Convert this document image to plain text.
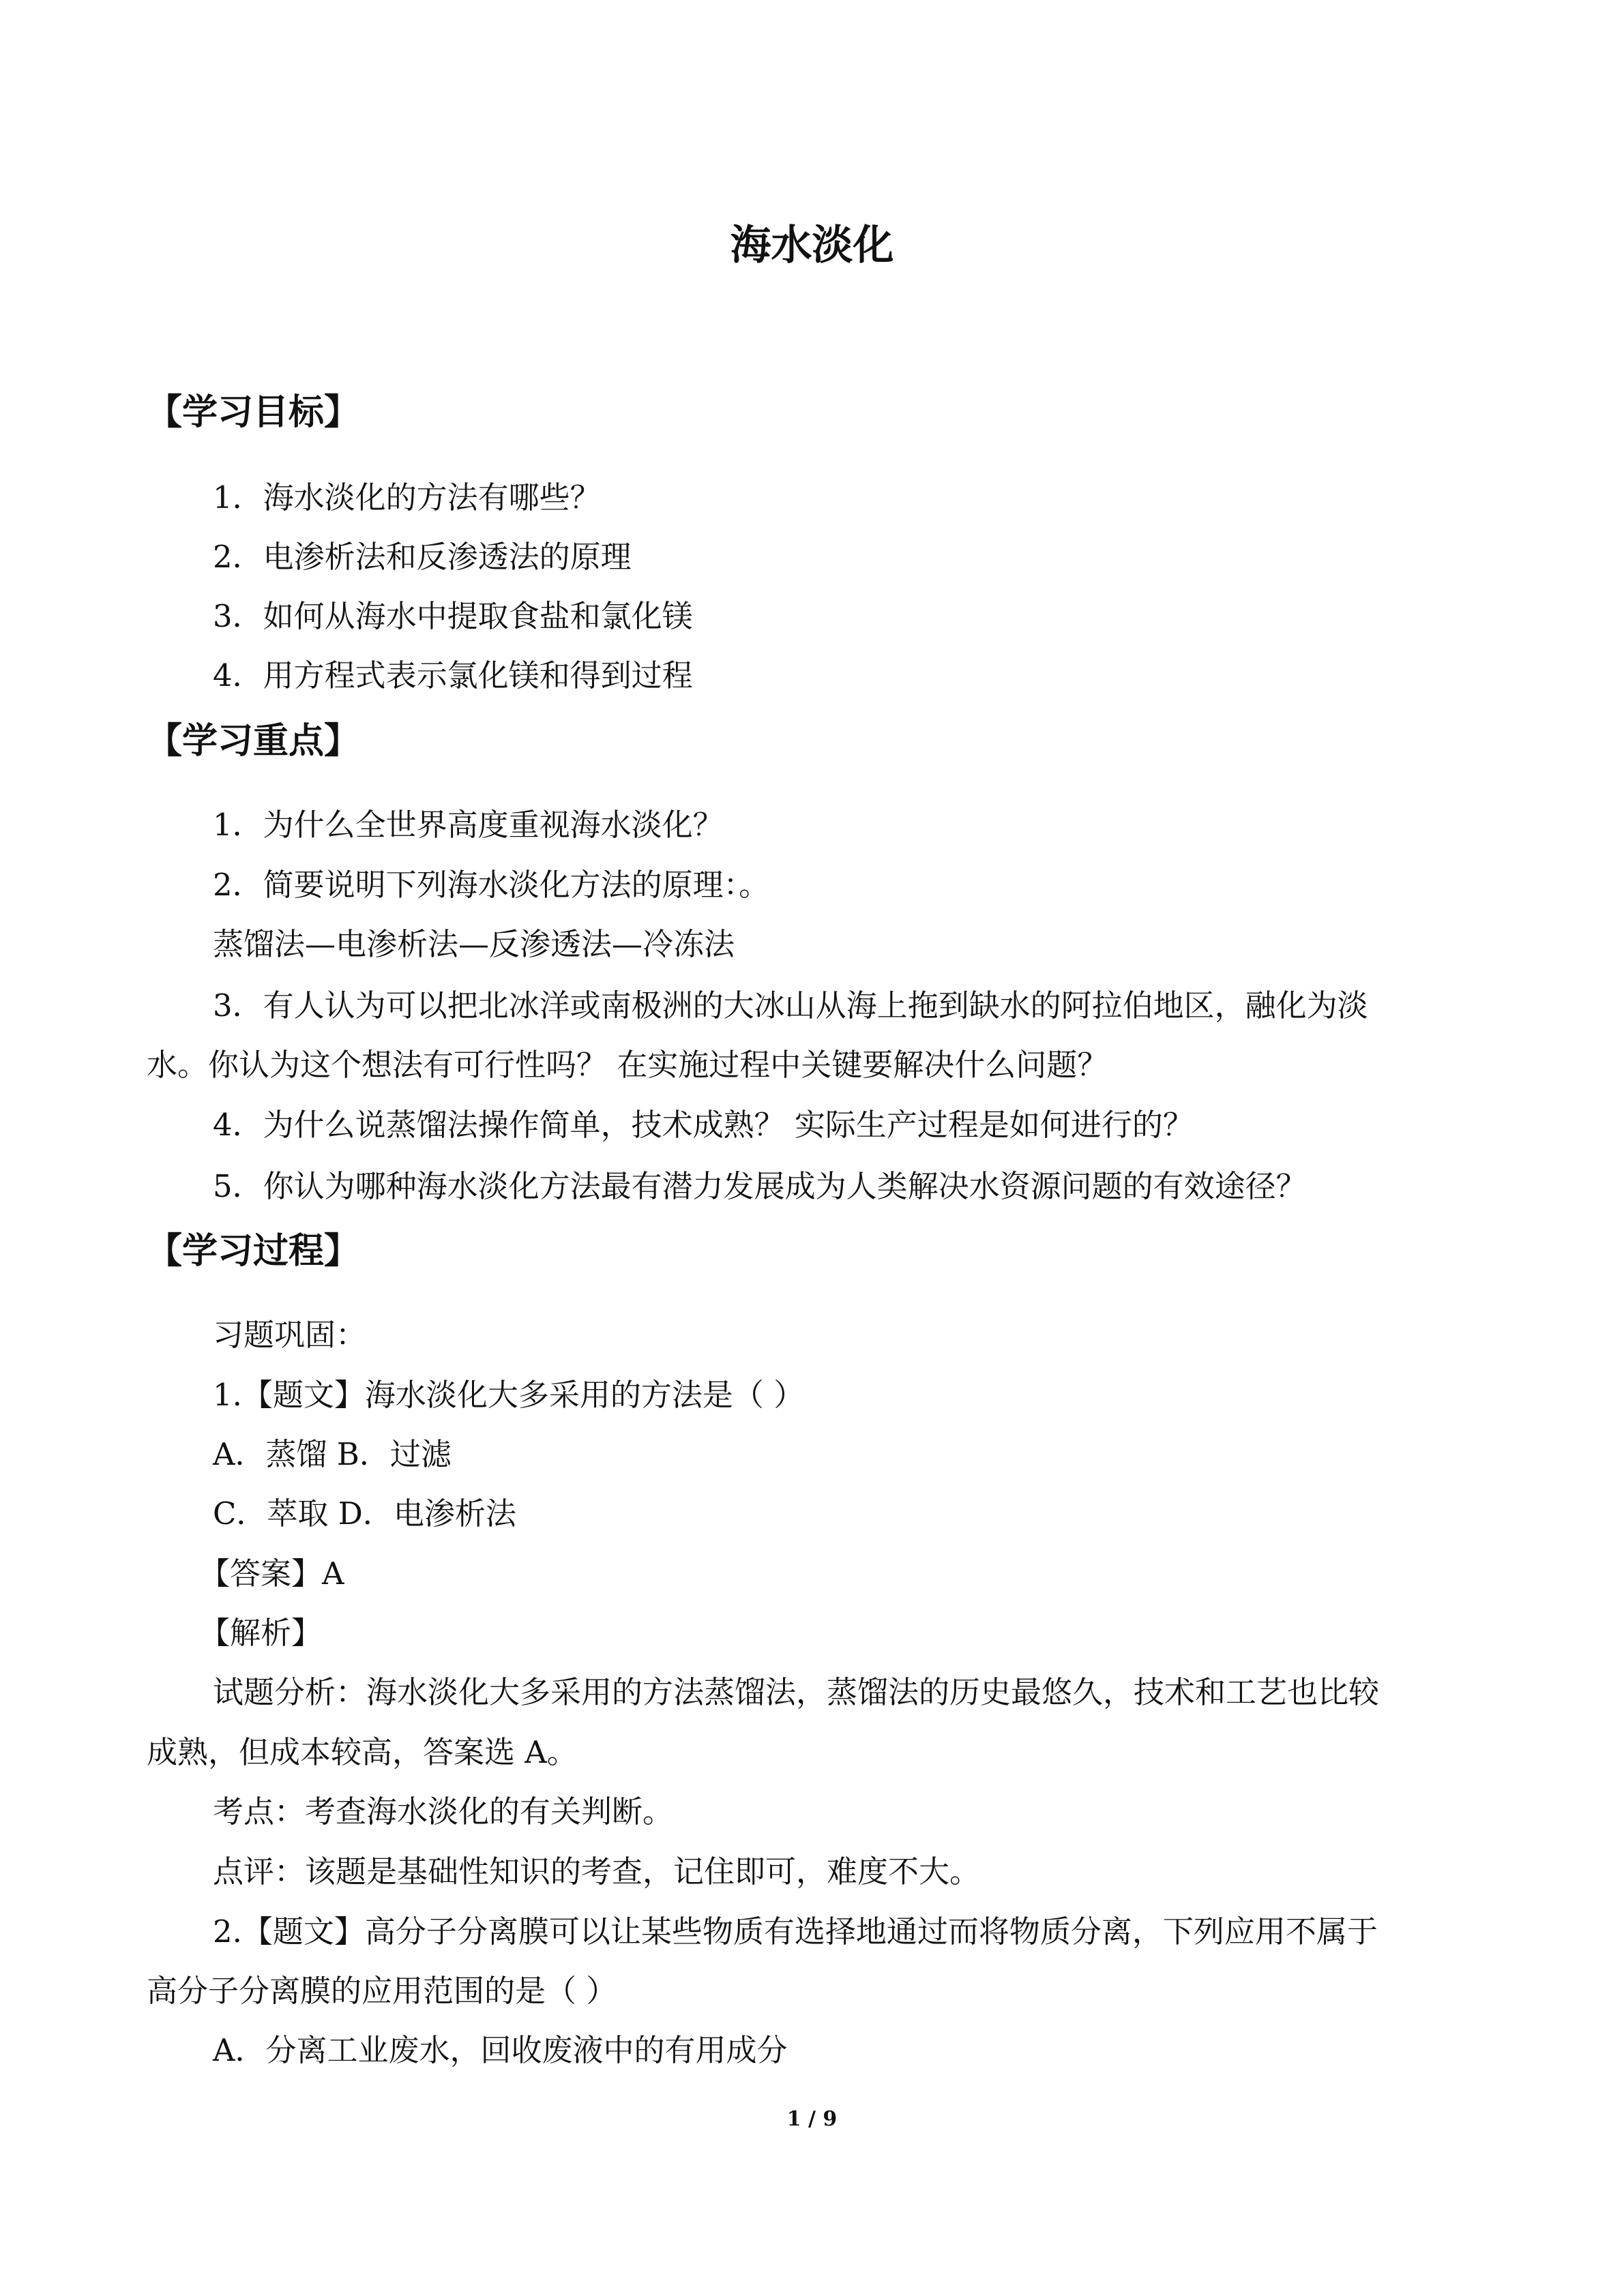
海水淡化
【学习目标】
1．海水淡化的方法有哪些？
2．电渗析法和反渗透法的原理
3．如何从海水中提取食盐和氯化镁
4．用方程式表示氯化镁和得到过程
【学习重点】
1．为什么全世界高度重视海水淡化？
2．简要说明下列海水淡化方法的原理：。
蒸馏法—电渗析法—反渗透法—冷冻法
3．有人认为可以把北冰洋或南极洲的大冰山从海上拖到缺水的阿拉伯地区，融化为淡
水。你认为这个想法有可行性吗？ 在实施过程中关键要解决什么问题？
4．为什么说蒸馏法操作简单，技术成熟？ 实际生产过程是如何进行的？
5．你认为哪种海水淡化方法最有潜力发展成为人类解决水资源问题的有效途径？
【学习过程】
习题巩固：
1.【题文】海水淡化大多采用的方法是（ ）
A．蒸馏 B．过滤
C．萃取 D．电渗析法
【答案】A
【解析】
试题分析：海水淡化大多采用的方法蒸馏法，蒸馏法的历史最悠久，技术和工艺也比较
成熟，但成本较高，答案选 A。
考点：考查海水淡化的有关判断。
点评：该题是基础性知识的考查，记住即可，难度不大。
2.【题文】高分子分离膜可以让某些物质有选择地通过而将物质分离，下列应用不属于
高分子分离膜的应用范围的是（ ）
A．分离工业废水，回收废液中的有用成分
1 / 9
